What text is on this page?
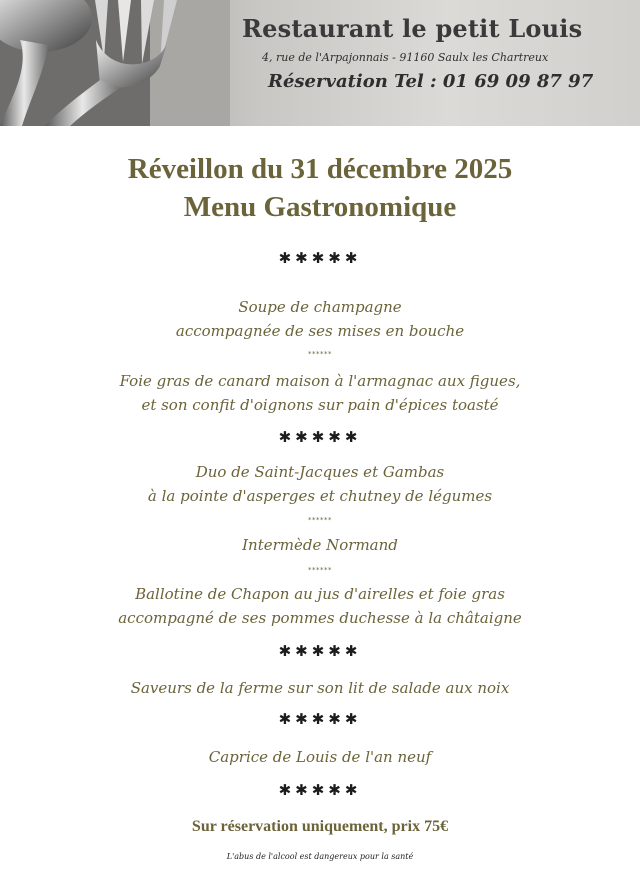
Restaurant le petit Louis
4, rue de l'Arpajonnais - 91160 Saulx les Chartreux
Réservation Tel : 01 69 09 87 97
Réveillon du 31 décembre 2025
Menu Gastronomique
✱✱✱✱✱
Soupe de champagne
accompagnée de ses mises en bouche
******
Foie gras de canard maison à l'armagnac aux figues,
et son confit d'oignons sur pain d'épices toasté
✱✱✱✱✱
Duo de Saint-Jacques et Gambas
à la pointe d'asperges et chutney de légumes
******
Intermède Normand
******
Ballotine de Chapon au jus d'airelles et foie gras
accompagné de ses pommes duchesse à la châtaigne
✱✱✱✱✱
Saveurs de la ferme sur son lit de salade aux noix
✱✱✱✱✱
Caprice de Louis de l'an neuf
✱✱✱✱✱
Sur réservation uniquement, prix 75€
L'abus de l'alcool est dangereux pour la santé
